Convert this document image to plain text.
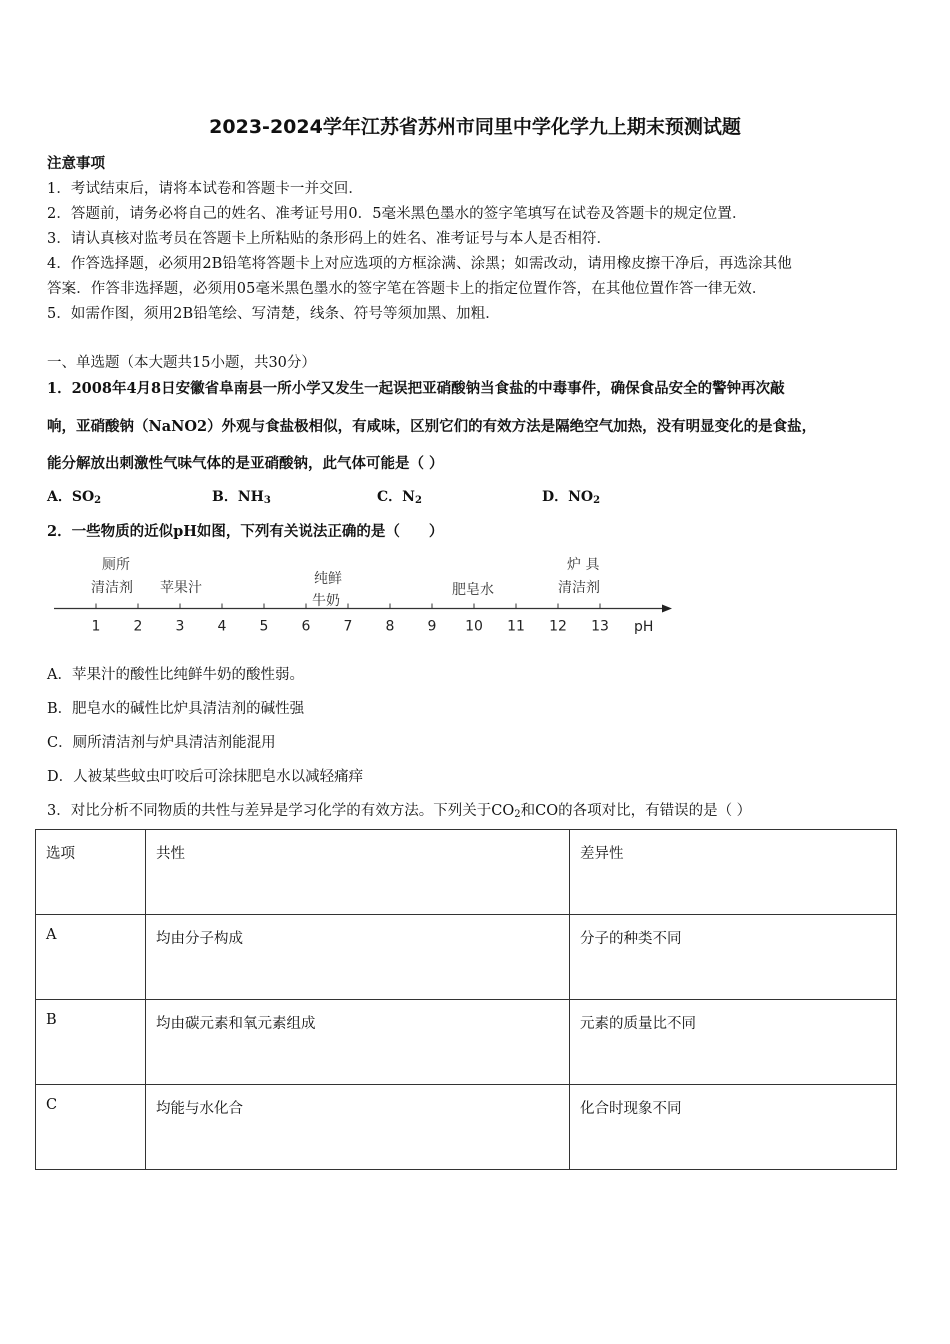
2023-2024学年江苏省苏州市同里中学化学九上期末预测试题
注意事项
1．考试结束后，请将本试卷和答题卡一并交回．
2．答题前，请务必将自己的姓名、准考证号用0．5毫米黑色墨水的签字笔填写在试卷及答题卡的规定位置．
3．请认真核对监考员在答题卡上所粘贴的条形码上的姓名、准考证号与本人是否相符．
4．作答选择题，必须用2B铅笔将答题卡上对应选项的方框涂满、涂黑；如需改动，请用橡皮擦干净后，再选涂其他
答案．作答非选择题，必须用05毫米黑色墨水的签字笔在答题卡上的指定位置作答，在其他位置作答一律无效．
5．如需作图，须用2B铅笔绘、写清楚，线条、符号等须加黑、加粗．
一、单选题（本大题共15小题，共30分）
1．2008年4月8日安徽省阜南县一所小学又发生一起误把亚硝酸钠当食盐的中毒事件，确保食品安全的警钟再次敲
响，亚硝酸钠（NaNO2）外观与食盐极相似，有咸味，区别它们的有效方法是隔绝空气加热，没有明显变化的是食盐，
能分解放出刺激性气味气体的是亚硝酸钠，此气体可能是（ ）
A．$SO_2$	B．$NH_3$	C．$N_2$	D．$NO_2$
2．一些物质的近似pH如图，下列有关说法正确的是（　　）
1 2 3 4 5 6 7 8 9 10 11 12 13 pH
厕所
清洁剂 苹果汁
纯鲜
牛奶
肥皂水
炉 具
清洁剂
A．苹果汁的酸性比纯鲜牛奶的酸性弱。
B．肥皂水的碱性比炉具清洁剂的碱性强
C．厕所清洁剂与炉具清洁剂能混用
D．人被某些蚊虫叮咬后可涂抹肥皂水以减轻痛痒
3．对比分析不同物质的共性与差异是学习化学的有效方法。下列关于$CO_2$和CO的各项对比，有错误的是（ ）
选项	共性	差异性
A	均由分子构成	分子的种类不同
B	均由碳元素和氧元素组成	元素的质量比不同
C	均能与水化合	化合时现象不同
